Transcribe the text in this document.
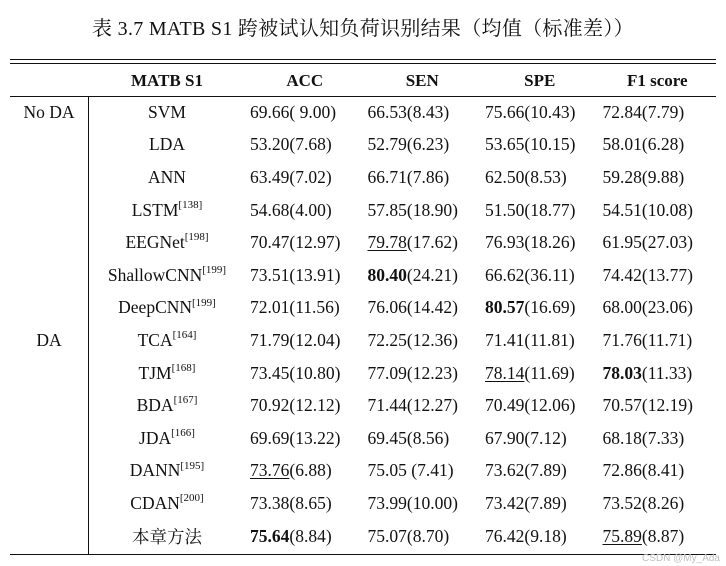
表 3.7 MATB S1 跨被试认知负荷识别结果（均值（标准差））
	MATB S1	ACC	SEN	SPE	F1 score
No DA	SVM	69.66( 9.00)	66.53(8.43)	75.66(10.43)	72.84(7.79)
	LDA	53.20(7.68)	52.79(6.23)	53.65(10.15)	58.01(6.28)
	ANN	63.49(7.02)	66.71(7.86)	62.50(8.53)	59.28(9.88)
	LSTM[138]	54.68(4.00)	57.85(18.90)	51.50(18.77)	54.51(10.08)
	EEGNet[198]	70.47(12.97)	79.78(17.62)	76.93(18.26)	61.95(27.03)
	ShallowCNN[199]	73.51(13.91)	80.40(24.21)	66.62(36.11)	74.42(13.77)
	DeepCNN[199]	72.01(11.56)	76.06(14.42)	80.57(16.69)	68.00(23.06)
DA	TCA[164]	71.79(12.04)	72.25(12.36)	71.41(11.81)	71.76(11.71)
	TJM[168]	73.45(10.80)	77.09(12.23)	78.14(11.69)	78.03(11.33)
	BDA[167]	70.92(12.12)	71.44(12.27)	70.49(12.06)	70.57(12.19)
	JDA[166]	69.69(13.22)	69.45(8.56)	67.90(7.12)	68.18(7.33)
	DANN[195]	73.76(6.88)	75.05 (7.41)	73.62(7.89)	72.86(8.41)
	CDAN[200]	73.38(8.65)	73.99(10.00)	73.42(7.89)	73.52(8.26)
	本章方法	75.64(8.84)	75.07(8.70)	76.42(9.18)	75.89(8.87)
CSDN @My_Ada
